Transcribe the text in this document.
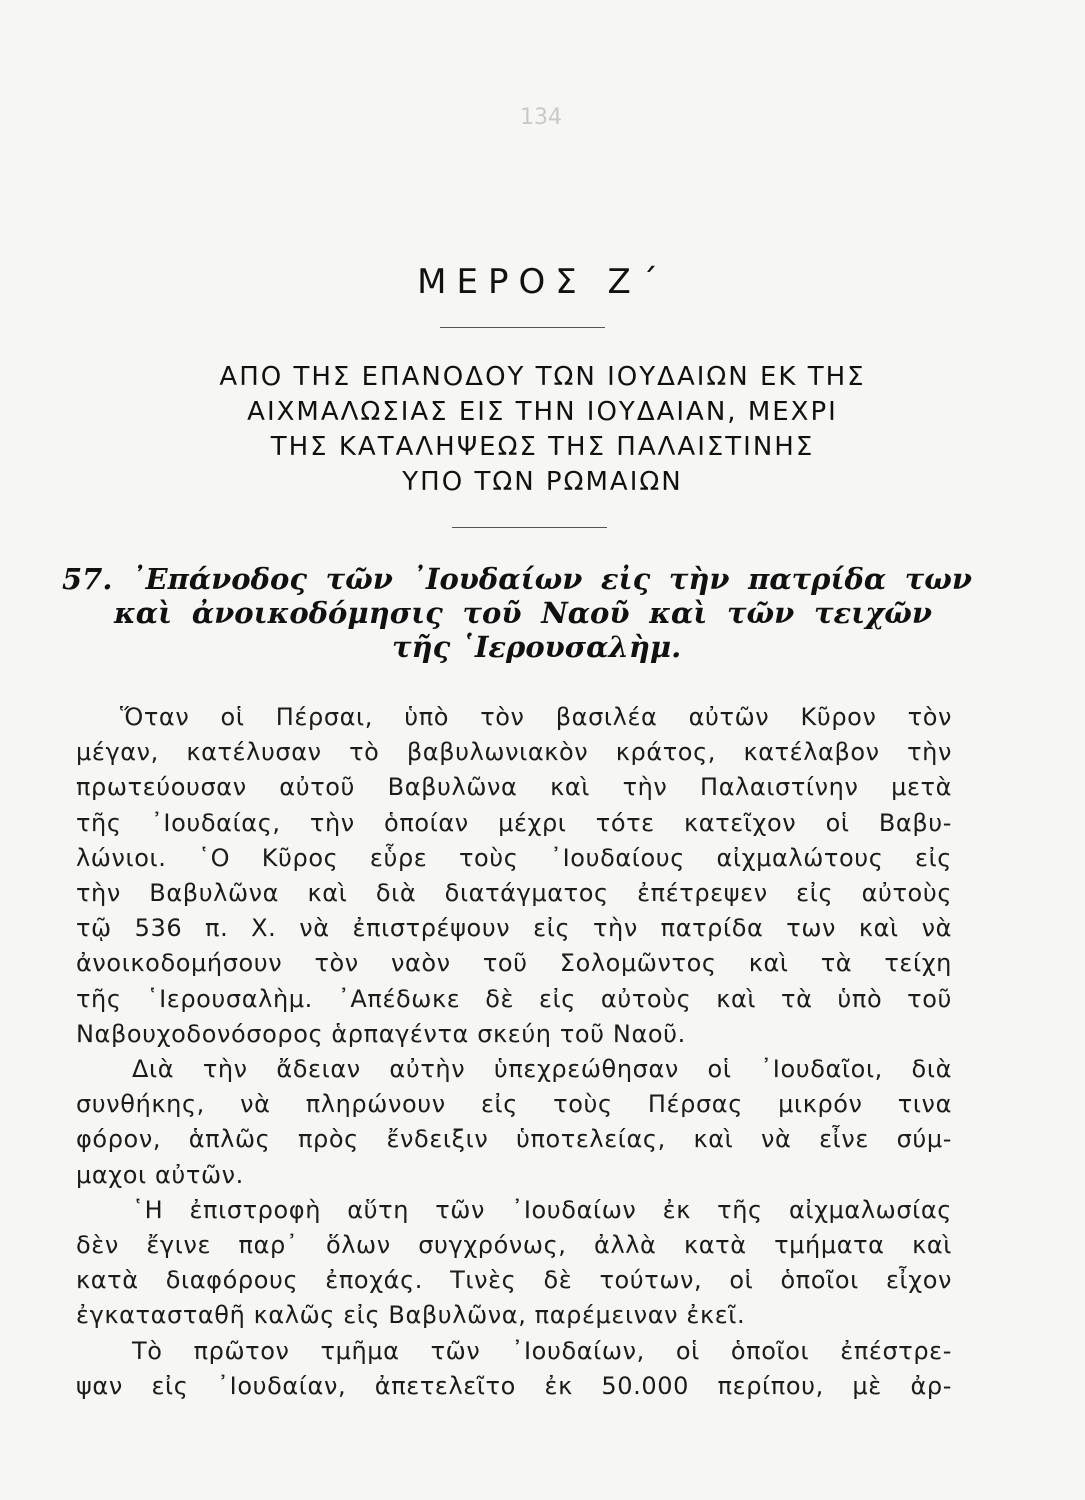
134
ΜΕΡΟΣ Ζ΄
ΑΠΟ ΤΗΣ ΕΠΑΝΟΔΟΥ ΤΩΝ ΙΟΥΔΑΙΩΝ ΕΚ ΤΗΣ
ΑΙΧΜΑΛΩΣΙΑΣ ΕΙΣ ΤΗΝ ΙΟΥΔΑΙΑΝ, ΜΕΧΡΙ
ΤΗΣ ΚΑΤΑΛΗΨΕΩΣ ΤΗΣ ΠΑΛΑΙΣΤΙΝΗΣ
ΥΠΟ ΤΩΝ ΡΩΜΑΙΩΝ
57. ᾿Επάνοδος τῶν ᾿Ιουδαίων εἰς τὴν πατρίδα των
καὶ ἀνοικοδόμησις τοῦ Ναοῦ καὶ τῶν τειχῶν
τῆς ῾Ιερουσαλὴμ.
Ὅταν οἱ Πέρσαι, ὑπὸ τὸν βασιλέα αὐτῶν Κῦρον τὸν
μέγαν, κατέλυσαν τὸ βαβυλωνιακὸν κράτος, κατέλαβον τὴν
πρωτεύουσαν αὐτοῦ Βαβυλῶνα καὶ τὴν Παλαιστίνην μετὰ
τῆς ᾿Ιουδαίας, τὴν ὁποίαν μέχρι τότε κατεῖχον οἱ Βαβυ-
λώνιοι. ῾Ο Κῦρος εὗρε τοὺς ᾿Ιουδαίους αἰχμαλώτους εἰς
τὴν Βαβυλῶνα καὶ διὰ διατάγματος ἐπέτρεψεν εἰς αὐτοὺς
τῷ 536 π. Χ. νὰ ἐπιστρέψουν εἰς τὴν πατρίδα των καὶ νὰ
ἀνοικοδομήσουν τὸν ναὸν τοῦ Σολομῶντος καὶ τὰ τείχη
τῆς ῾Ιερουσαλὴμ. ᾿Απέδωκε δὲ εἰς αὐτοὺς καὶ τὰ ὑπὸ τοῦ
Ναβουχοδονόσορος ἁρπαγέντα σκεύη τοῦ Ναοῦ.
Διὰ τὴν ἄδειαν αὐτὴν ὑπεχρεώθησαν οἱ ᾿Ιουδαῖοι, διὰ
συνθήκης, νὰ πληρώνουν εἰς τοὺς Πέρσας μικρόν τινα
φόρον, ἁπλῶς πρὸς ἔνδειξιν ὑποτελείας, καὶ νὰ εἶνε σύμ-
μαχοι αὐτῶν.
῾Η ἐπιστροφὴ αὕτη τῶν ᾿Ιουδαίων ἐκ τῆς αἰχμαλωσίας
δὲν ἔγινε παρ᾿ ὅλων συγχρόνως, ἀλλὰ κατὰ τμήματα καὶ
κατὰ διαφόρους ἐποχάς. Τινὲς δὲ τούτων, οἱ ὁποῖοι εἶχον
ἐγκατασταθῆ καλῶς εἰς Βαβυλῶνα, παρέμειναν ἐκεῖ.
Τὸ πρῶτον τμῆμα τῶν ᾿Ιουδαίων, οἱ ὁποῖοι ἐπέστρε-
ψαν εἰς ᾿Ιουδαίαν, ἀπετελεῖτο ἐκ 50.000 περίπου, μὲ ἀρ-
